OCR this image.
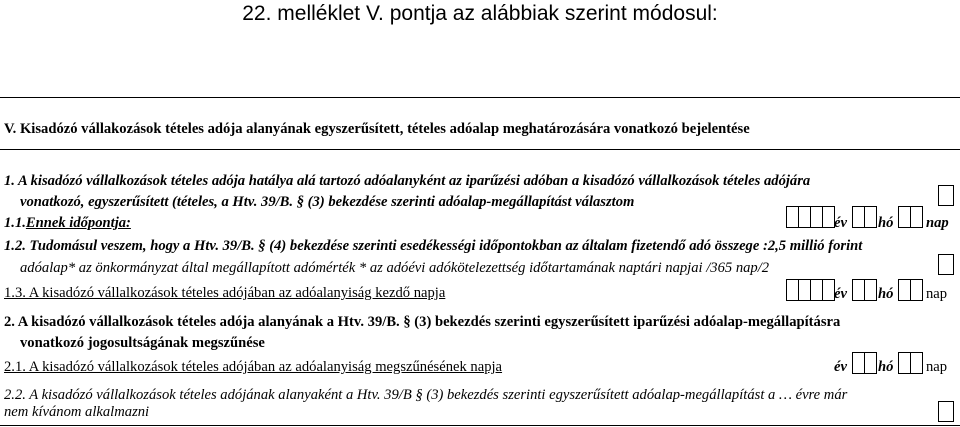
22. melléklet V. pontja az alábbiak szerint módosul:
V. Kisadózó vállakozások tételes adója alanyának egyszerűsített, tételes adóalap meghatározására vonatkozó bejelentése
1. A kisadózó vállalkozások tételes adója hatálya alá tartozó adóalanyként az iparűzési adóban a kisadózó vállalkozások tételes adójára
vonatkozó, egyszerűsített (tételes, a Htv. 39/B. § (3) bekezdése szerinti adóalap-megállapítást választom
1.1.Ennek időpontja:	év hó nap
1.2. Tudomásul veszem, hogy a Htv. 39/B. § (4) bekezdése szerinti esedékességi időpontokban az általam fizetendő adó összege :2,5 millió forint
adóalap* az önkormányzat által megállapított adómérték * az adóévi adókötelezettség időtartamának naptári napjai /365 nap/2
1.3. A kisadózó vállalkozások tételes adójában az adóalanyiság kezdő napja	év hó nap
2. A kisadózó vállalkozások tételes adója alanyának a Htv. 39/B. § (3) bekezdés szerinti egyszerűsített iparűzési adóalap-megállapításra
vonatkozó jogosultságának megszűnése
2.1. A kisadózó vállalkozások tételes adójában az adóalanyiság megszűnésének napja	év hó nap
2.2. A kisadózó vállalkozások tételes adójának alanyaként a Htv. 39/B § (3) bekezdés szerinti egyszerűsített adóalap-megállapítást a … évre már
nem kívánom alkalmazni
